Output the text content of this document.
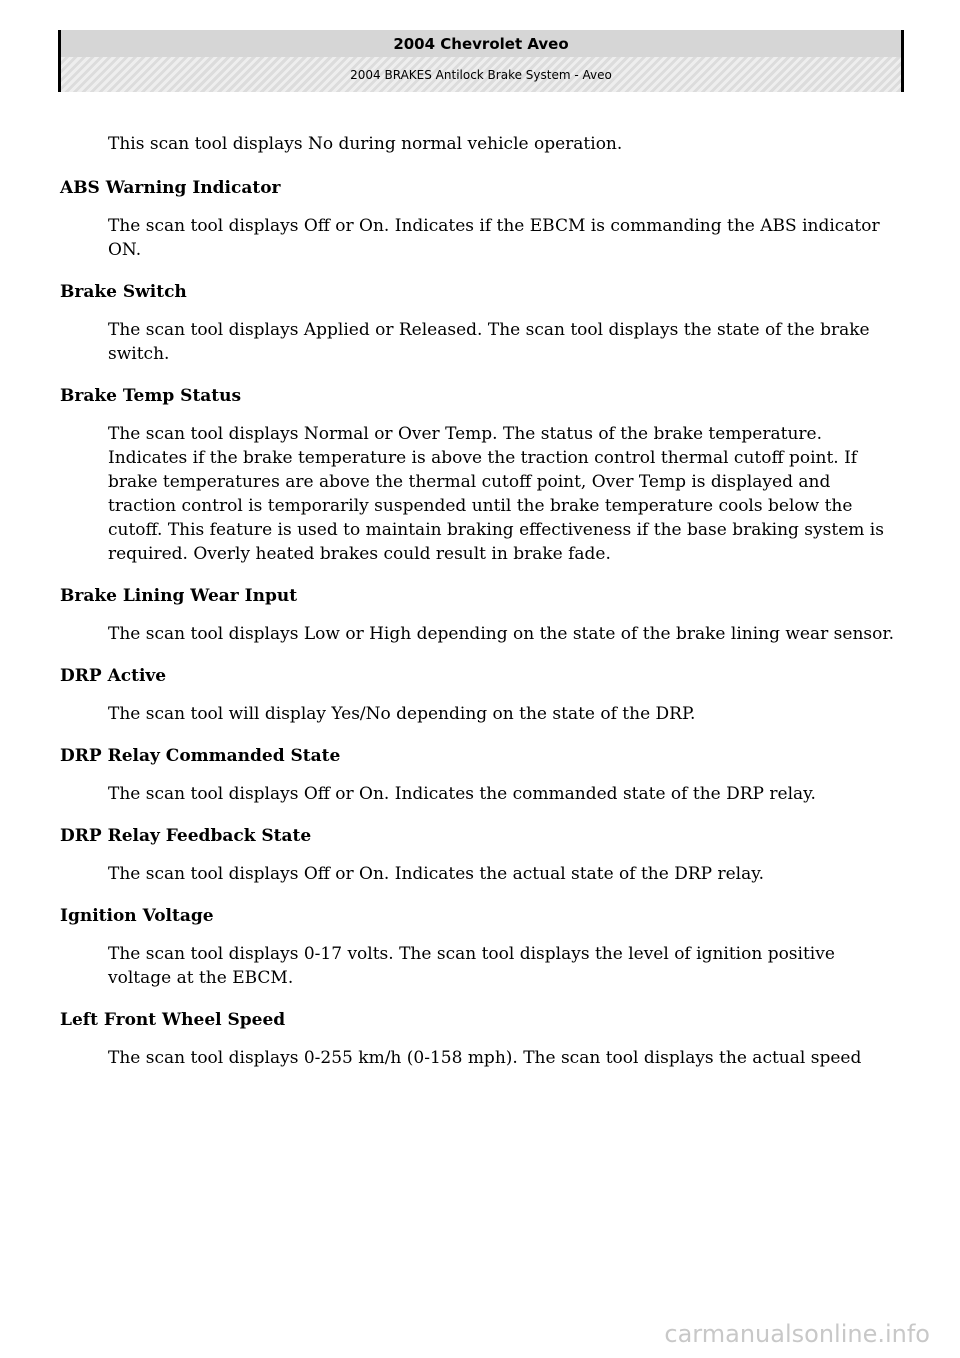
2004 Chevrolet Aveo
2004 BRAKES Antilock Brake System - Aveo

This scan tool displays No during normal vehicle operation.

ABS Warning Indicator

The scan tool displays Off or On. Indicates if the EBCM is commanding the ABS indicator ON.

Brake Switch

The scan tool displays Applied or Released. The scan tool displays the state of the brake switch.

Brake Temp Status

The scan tool displays Normal or Over Temp. The status of the brake temperature. Indicates if the brake temperature is above the traction control thermal cutoff point. If brake temperatures are above the thermal cutoff point, Over Temp is displayed and traction control is temporarily suspended until the brake temperature cools below the cutoff. This feature is used to maintain braking effectiveness if the base braking system is required. Overly heated brakes could result in brake fade.

Brake Lining Wear Input

The scan tool displays Low or High depending on the state of the brake lining wear sensor.

DRP Active

The scan tool will display Yes/No depending on the state of the DRP.

DRP Relay Commanded State

The scan tool displays Off or On. Indicates the commanded state of the DRP relay.

DRP Relay Feedback State

The scan tool displays Off or On. Indicates the actual state of the DRP relay.

Ignition Voltage

The scan tool displays 0-17 volts. The scan tool displays the level of ignition positive voltage at the EBCM.

Left Front Wheel Speed

The scan tool displays 0-255 km/h (0-158 mph). The scan tool displays the actual speed

carmanualsonline.info
